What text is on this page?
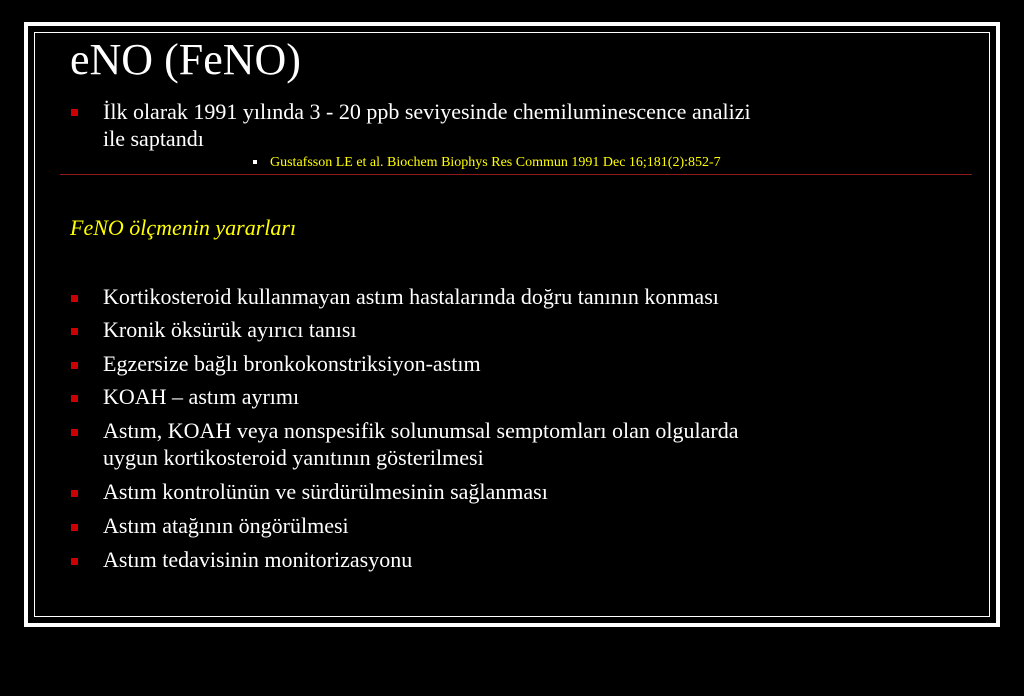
eNO (FeNO)
İlk olarak 1991 yılında 3 - 20 ppb seviyesinde chemiluminescence analizi
ile saptandı
Gustafsson LE et al. Biochem Biophys Res Commun 1991 Dec 16;181(2):852-7
FeNO ölçmenin yararları
Kortikosteroid kullanmayan astım hastalarında doğru tanının konması
Kronik öksürük ayırıcı tanısı
Egzersize bağlı bronkokonstriksiyon-astım
KOAH – astım ayrımı
Astım, KOAH veya nonspesifik solunumsal semptomları olan olgularda
uygun kortikosteroid yanıtının gösterilmesi
Astım kontrolünün ve sürdürülmesinin sağlanması
Astım atağının öngörülmesi
Astım tedavisinin monitorizasyonu
